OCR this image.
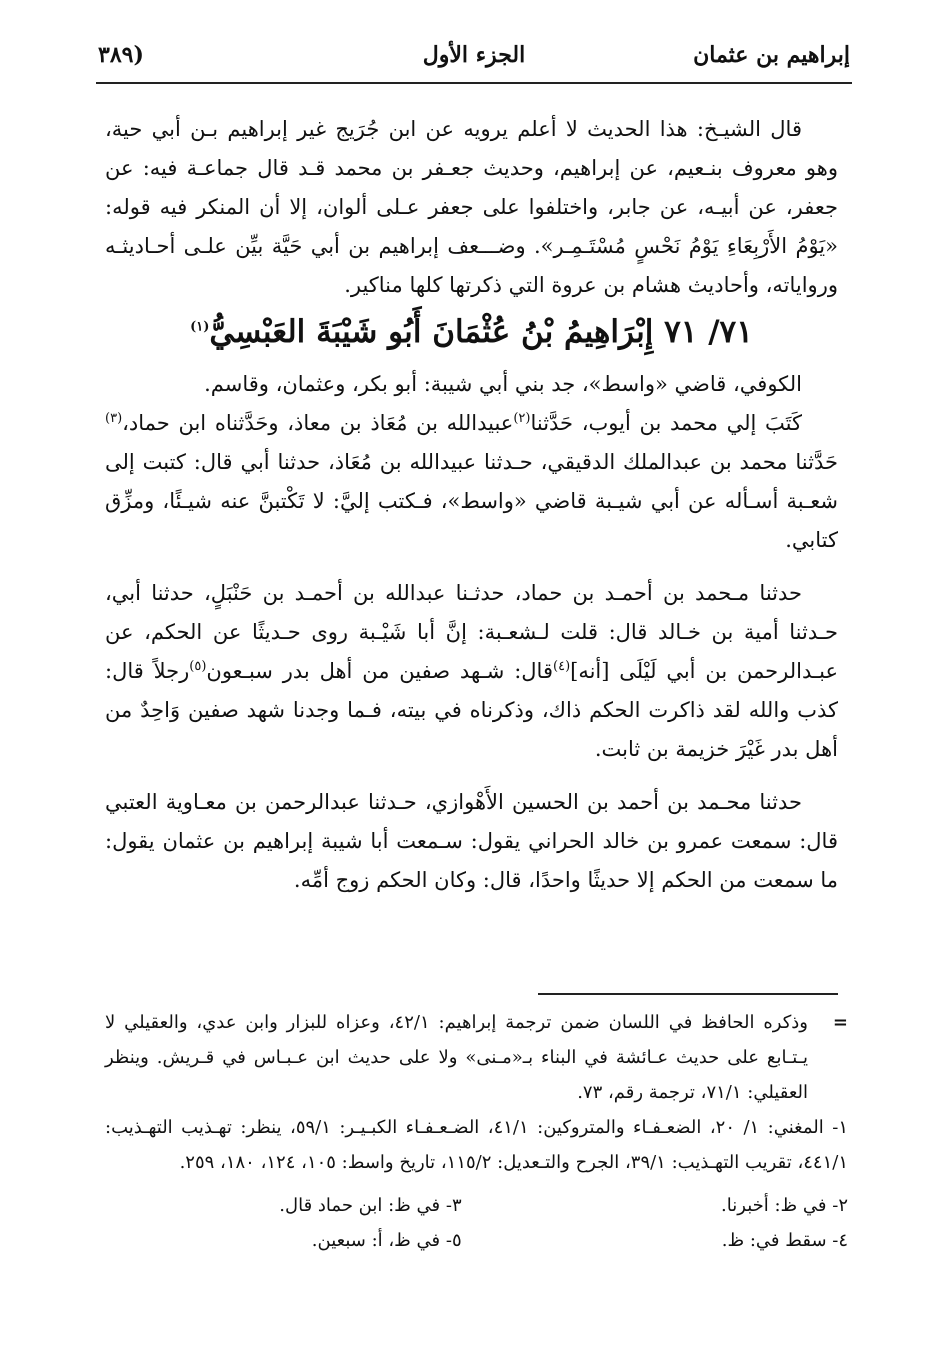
إبراهيم بن عثمان
الجزء الأول
(٣٨٩

قال الشيـخ: هذا الحديث لا أعلم يرويه عن ابن جُرَيج غير إبراهيم بـن أبي حية، وهو معروف بنـعيم، عن إبراهيم، وحديث جعـفر بن محمد قـد قال جماعـة فيه: عن جعفر، عن أبيـه، عن جابر، واختلفوا على جعفر عـلى ألوان، إلا أن المنكر فيه قوله: «يَوْمُ الأَرْبِعَاءِ يَوْمُ نَحْسٍ مُسْتَـمِـر». وضـــعف إبراهيم بن أبي حَيَّة بيِّن علـى أحـاديثـه ورواياته، وأحاديث هشام بن عروة التي ذكرتها كلها مناكير.

٧١/ ٧١ إِبْرَاهِيمُ بْنُ عُثْمَانَ أَبُو شَيْبَةَ العَبْسِيُّ$^{(١)}$

الكوفي، قاضي «واسط»، جد بني أبي شيبة: أبو بكر، وعثمان، وقاسم.

كَتَبَ إلي محمد بن أيوب، حَدَّثنا$^{(٢)}$عبيدالله بن مُعَاذ بن معاذ، وحَدَّثناه ابن حماد،$^{(٣)}$ حَدَّثنا محمد بن عبدالملك الدقيقي، حـدثنا عبيدالله بن مُعَاذ، حدثنا أبي قال: كتبت إلى شعـبة أسـأله عن أبي شيـبة قاضي «واسط»، فـكتب إليَّ: لا تَكْتبنَّ عنه شيـئًا، ومزِّق كتابي.

حدثنا مـحمد بن أحمـد بن حماد، حدثـنا عبدالله بن أحمـد بن حَنْبَلٍ، حدثنا أبي، حـدثنا أمية بن خـالد قال: قلت لـشعـبة: إنَّ أبا شَيْـبة روى حـديثًا عن الحكم، عن عبـدالرحمن بن أبي لَيْلَى [أنه]$^{(٤)}$قال: شـهد صفين من أهل بدر سبـعون$^{(٥)}$رجلاً قال: كذب والله لقد ذاكرت الحكم ذاك، وذكرناه في بيته، فـما وجدنا شهد صفين وَاحِدٌ من أهل بدر غَيْرَ خزيمة بن ثابت.

حدثنا محـمد بن أحمد بن الحسين الأَهْوازي، حـدثنا عبدالرحمن بن معـاوية العتبي قال: سمعت عمرو بن خالد الحراني يقول: سـمعت أبا شيبة إبراهيم بن عثمان يقول: ما سمعت من الحكم إلا حديثًا واحدًا، قال: وكان الحكم زوج أمِّه.

=
وذكره الحافظ في اللسان ضمن ترجمة إبراهيم: ٤٢/١، وعزاه للبزار وابن عدي، والعقيلي لا يـتـابع على حديث عـائشة في البناء بـ«مـنى» ولا على حديث ابن عـبـاس في قـريش. وينظر العقيلي: ٧١/١، ترجمة رقم، ٧٣.

١- المغني: ١/ ٢٠، الضعـفـاء والمتروكين: ٤١/١، الضـعـفـاء الكبـيـر: ٥٩/١، ينظر: تهـذيب التهـذيب: ٤٤١/١، تقريب التهـذيب: ٣٩/١، الجرح والتـعديل: ١١٥/٢، تاريخ واسط: ١٠٥، ١٢٤، ١٨٠، ٢٥٩.

٢- في ظ: أخبرنا.
٣- في ظ: ابن حماد قال.
٤- سقط في: ظ.
٥- في ظ، أ: سبعين.
